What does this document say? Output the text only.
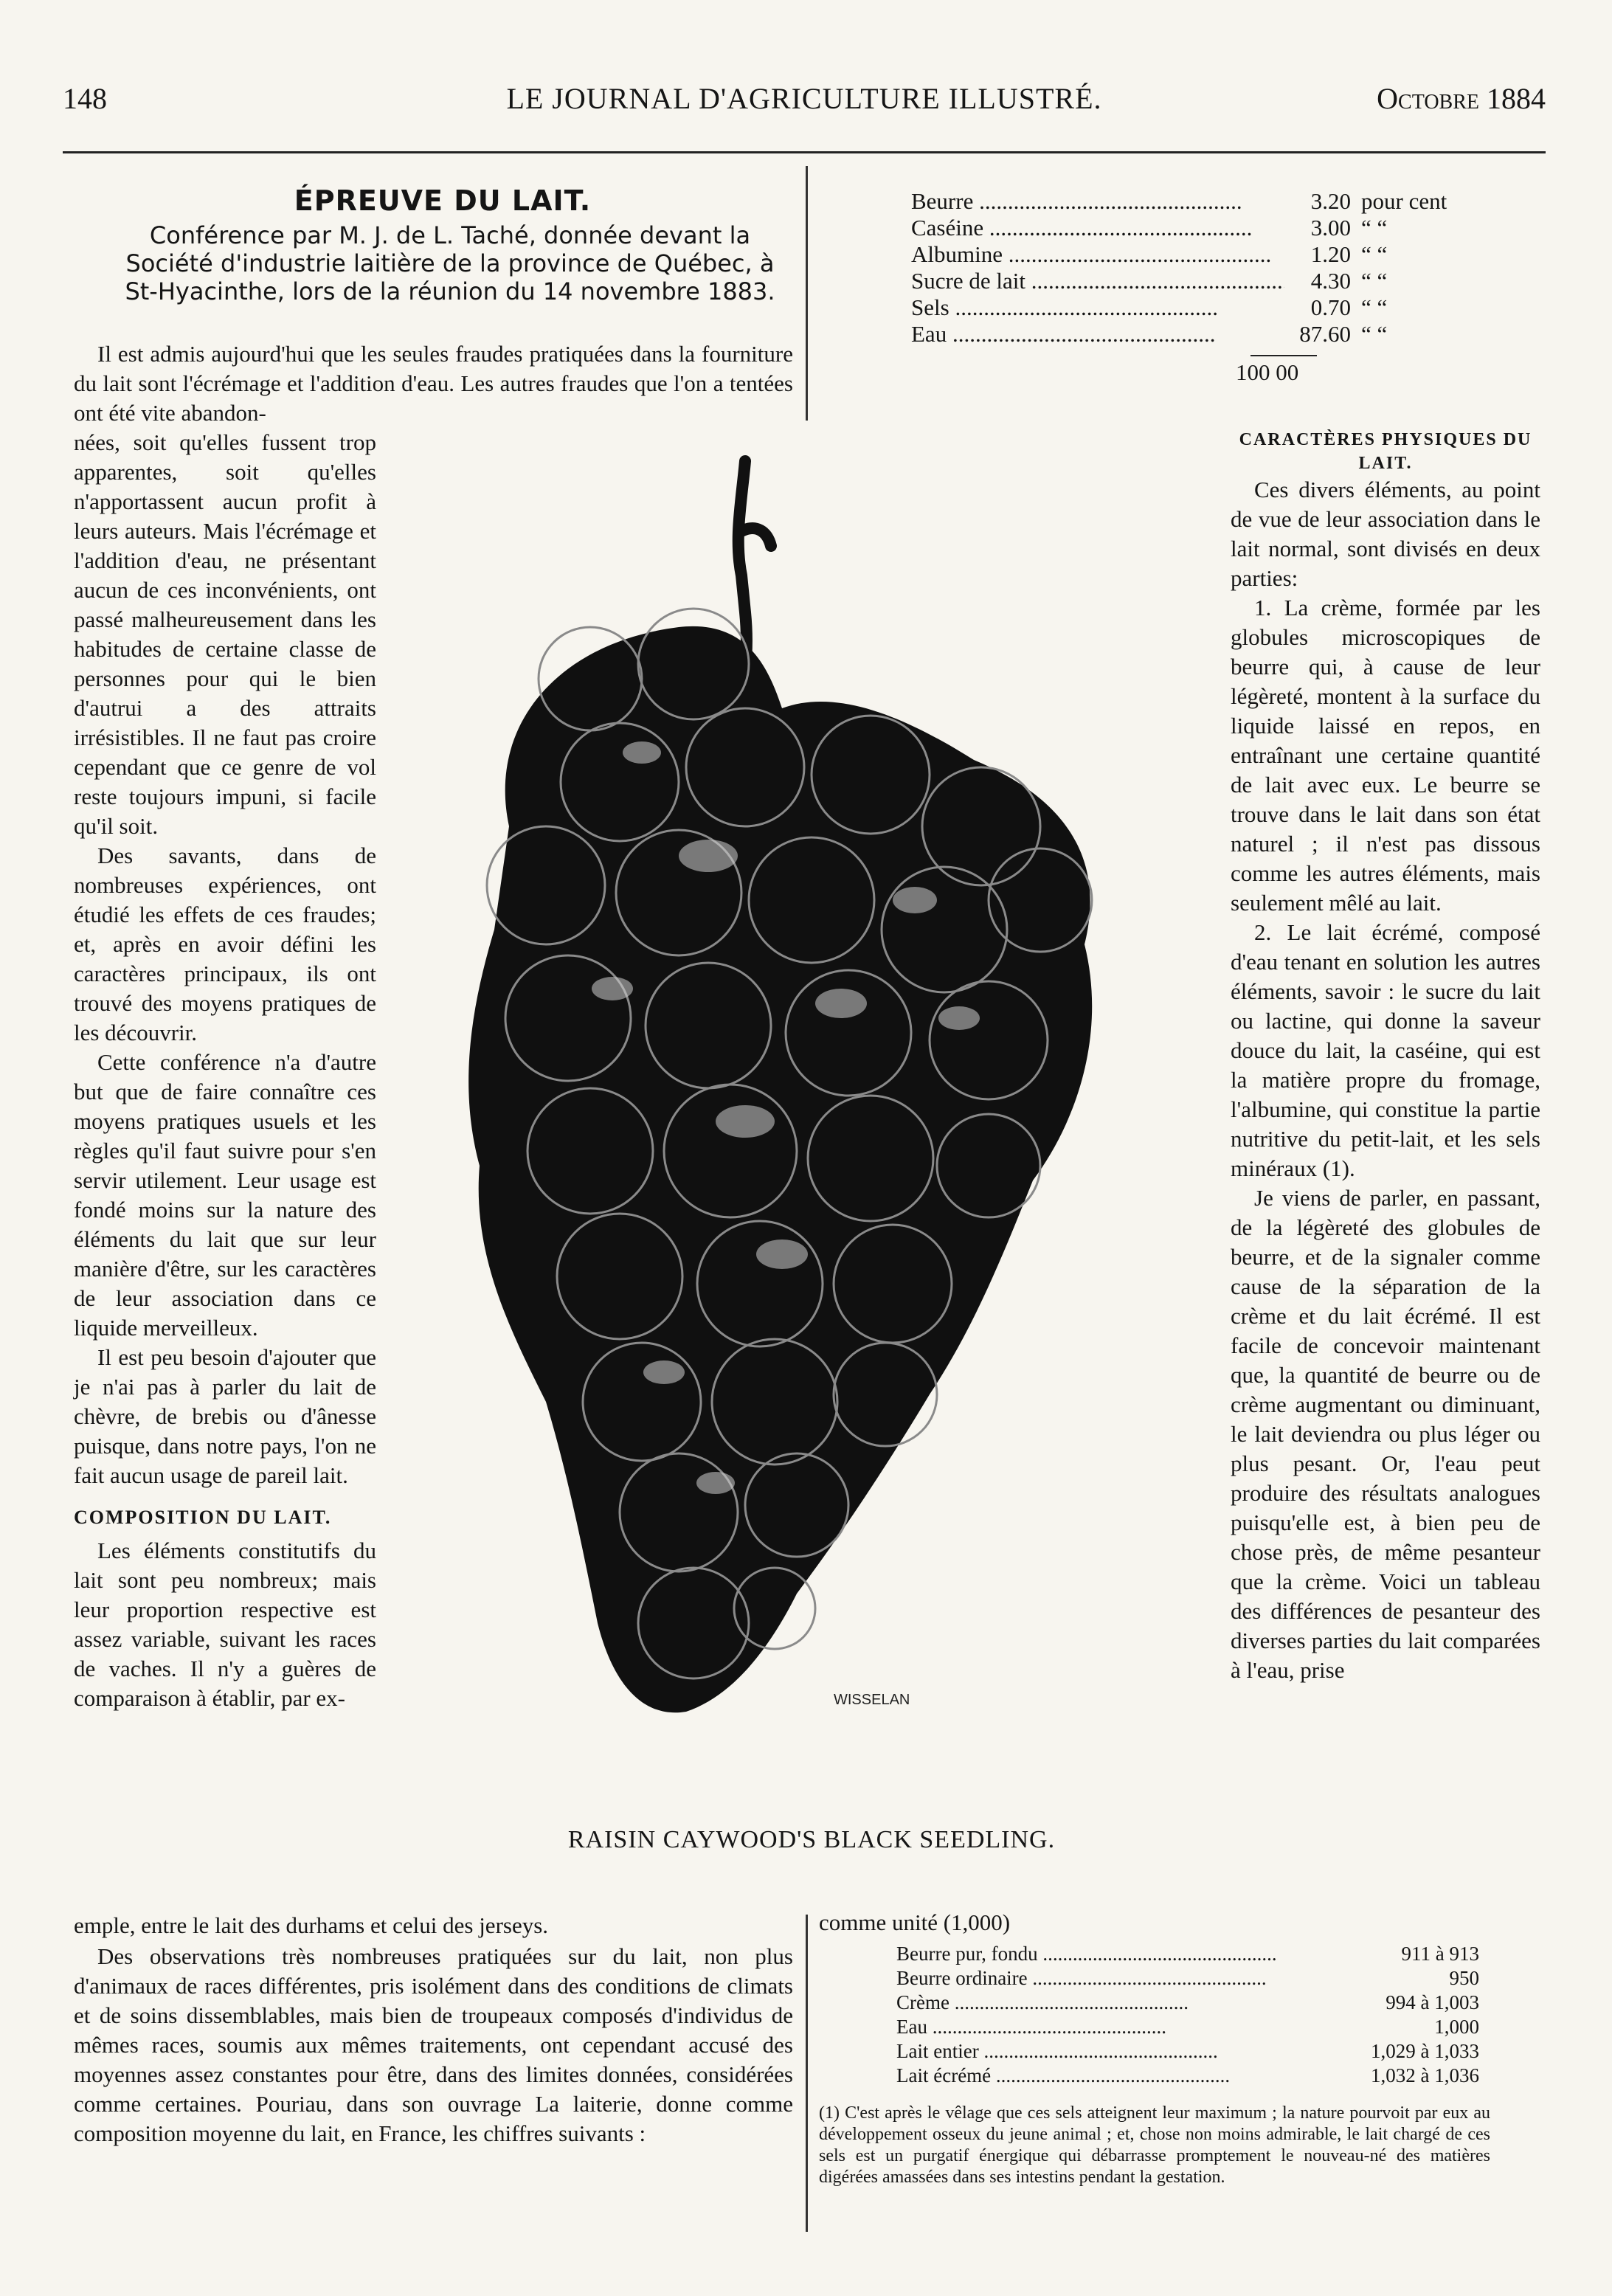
148	LE JOURNAL D'AGRICULTURE ILLUSTRÉ.	Octobre 1884
ÉPREUVE DU LAIT.
Conférence par M. J. de L. Taché, donnée devant la Société d'industrie laitière de la province de Québec, à St-Hyacinthe, lors de la réunion du 14 novembre 1883.

Il est admis aujourd'hui que les seules fraudes pratiquées dans la fourniture du lait sont l'écrémage et l'addition d'eau. Les autres fraudes que l'on a tentées ont été vite abandon-

nées, soit qu'elles fussent trop apparentes, soit qu'elles n'apportassent aucun profit à leurs auteurs. Mais l'écrémage et l'addition d'eau, ne présentant aucun de ces inconvénients, ont passé malheureusement dans les habitudes de certaine classe de personnes pour qui le bien d'autrui a des attraits irrésistibles. Il ne faut pas croire cependant que ce genre de vol reste toujours impuni, si facile qu'il soit.

Des savants, dans de nombreuses expériences, ont étudié les effets de ces fraudes; et, après en avoir défini les caractères principaux, ils ont trouvé des moyens pratiques de les découvrir.

Cette conférence n'a d'autre but que de faire connaître ces moyens pratiques usuels et les règles qu'il faut suivre pour s'en servir utilement. Leur usage est fondé moins sur la nature des éléments du lait que sur leur manière d'être, sur les caractères de leur association dans ce liquide merveilleux.

Il est peu besoin d'ajouter que je n'ai pas à parler du lait de chèvre, de brebis ou d'ânesse puisque, dans notre pays, l'on ne fait aucun usage de pareil lait.

COMPOSITION DU LAIT.

Les éléments constitutifs du lait sont peu nombreux; mais leur proportion respective est assez variable, suivant les races de vaches. Il n'y a guères de comparaison à établir, par ex-

emple, entre le lait des durhams et celui des jerseys.

Des observations très nombreuses pratiquées sur du lait, non plus d'animaux de races différentes, pris isolément dans des conditions de climats et de soins dissemblables, mais bien de troupeaux composés d'individus de mêmes races, soumis aux mêmes traitements, ont cependant accusé des moyennes assez constantes pour être, dans des limites données, considérées comme certaines. Pouriau, dans son ouvrage La laiterie, donne comme composition moyenne du lait, en France, les chiffres suivants :

Beurre .....	3.20 pour cent
Caséine .....	3.00 “ “
Albumine .....	1.20 “ “
Sucre de lait .....	4.30 “ “
Sels .....	0.70 “ “
Eau .....	87.60 “ “
100 00
CARACTÈRES PHYSIQUES DU LAIT.

Ces divers éléments, au point de vue de leur association dans le lait normal, sont divisés en deux parties:

1. La crème, formée par les globules microscopiques de beurre qui, à cause de leur légèreté, montent à la surface du liquide laissé en repos, en entraînant une certaine quantité de lait avec eux. Le beurre se trouve dans le lait dans son état naturel ; il n'est pas dissous comme les autres éléments, mais seulement mêlé au lait.

2. Le lait écrémé, composé d'eau tenant en solution les autres éléments, savoir : le sucre du lait ou lactine, qui donne la saveur douce du lait, la caséine, qui est la matière propre du fromage, l'albumine, qui constitue la partie nutritive du petit-lait, et les sels minéraux (1).

Je viens de parler, en passant, de la légèreté des globules de beurre, et de la signaler comme cause de la séparation de la crème et du lait écrémé. Il est facile de concevoir maintenant que, la quantité de beurre ou de crème augmentant ou diminuant, le lait deviendra ou plus léger ou plus pesant. Or, l'eau peut produire des résultats analogues puisqu'elle est, à bien peu de chose près, de même pesanteur que la crème. Voici un tableau des différences de pesanteur des diverses parties du lait comparées à l'eau, prise

WISSELAN
RAISIN CAYWOOD'S BLACK SEEDLING.
comme unité (1,000)
Beurre pur, fondu .....	911 à 913
Beurre ordinaire .....	950
Crème .....	994 à 1,003
Eau .....	1,000
Lait entier .....	1,029 à 1,033
Lait écrémé .....	1,032 à 1,036

(1) C'est après le vêlage que ces sels atteignent leur maximum ; la nature pourvoit par eux au développement osseux du jeune animal ; et, chose non moins admirable, le lait chargé de ces sels est un purgatif énergique qui débarrasse promptement le nouveau-né des matières digérées amassées dans ses intestins pendant la gestation.
